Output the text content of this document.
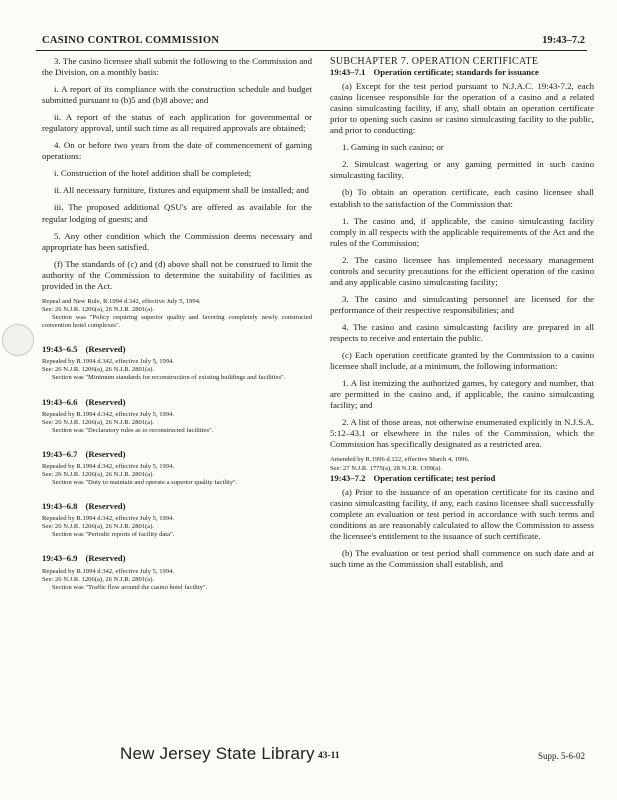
CASINO CONTROL COMMISSION	19:43–7.2

3. The casino licensee shall submit the following to the Commission and the Division, on a monthly basis:

i. A report of its compliance with the construction schedule and budget submitted pursuant to (b)5 and (b)8 above; and

ii. A report of the status of each application for governmental or regulatory approval, until such time as all required approvals are obtained;

4. On or before two years from the date of commencement of gaming operations:

i. Construction of the hotel addition shall be completed;

ii. All necessary furniture, fixtures and equipment shall be installed; and

iii. The proposed additional QSU's are offered as available for the regular lodging of guests; and

5. Any other condition which the Commission deems necessary and appropriate has been satisfied.

(f) The standards of (c) and (d) above shall not be construed to limit the authority of the Commission to determine the suitability of facilities as provided in the Act.

Repeal and New Rule, R.1994 d.342, effective July 5, 1994.

See: 26 N.J.R. 1206(a), 26 N.J.R. 2801(a).

Section was "Policy requiring superior quality and favoring completely newly constructed convention hotel complexes".

19:43–6.5 (Reserved)

Repealed by R.1994 d.342, effective July 5, 1994.

See: 26 N.J.R. 1206(a), 26 N.J.R. 2801(a).

Section was "Minimum standards for reconstruction of existing buildings and facilities".

19:43–6.6 (Reserved)

Repealed by R.1994 d.342, effective July 5, 1994.

See: 26 N.J.R. 1206(a), 26 N.J.R. 2801(a).

Section was "Declaratory rules as to reconstructed facilities".

19:43–6.7 (Reserved)

Repealed by R.1994 d.342, effective July 5, 1994.

See: 26 N.J.R. 1206(a), 26 N.J.R. 2801(a).

Section was "Duty to maintain and operate a superior quality facility".

19:43–6.8 (Reserved)

Repealed by R.1994 d.342, effective July 5, 1994.

See: 26 N.J.R. 1206(a), 26 N.J.R. 2801(a).

Section was "Periodic reports of facility data".

19:43–6.9 (Reserved)

Repealed by R.1994 d.342, effective July 5, 1994.

See: 26 N.J.R. 1206(a), 26 N.J.R. 2801(a).

Section was "Traffic flow around the casino hotel facility".

SUBCHAPTER 7. OPERATION CERTIFICATE

19:43–7.1 Operation certificate; standards for issuance

(a) Except for the test period pursuant to N.J.A.C. 19:43-7.2, each casino licensee responsible for the operation of a casino and a related casino simulcasting facility, if any, shall obtain an operation certificate prior to opening such casino or casino simulcasting facility to the public, and prior to conducting:

1. Gaming in such casino; or

2. Simulcast wagering or any gaming permitted in such casino simulcasting facility.

(b) To obtain an operation certificate, each casino licensee shall establish to the satisfaction of the Commission that:

1. The casino and, if applicable, the casino simulcasting facility comply in all respects with the applicable requirements of the Act and the rules of the Commission;

2. The casino licensee has implemented necessary management controls and security precautions for the efficient operation of the casino and any applicable casino simulcasting facility;

3. The casino and simulcasting personnel are licensed for the performance of their respective responsibilities; and

4. The casino and casino simulcasting facility are prepared in all respects to receive and entertain the public.

(c) Each operation certificate granted by the Commission to a casino licensee shall include, at a minimum, the following information:

1. A list itemizing the authorized games, by category and number, that are permitted in the casino and, if applicable, the casino simulcasting facility; and

2. A list of those areas, not otherwise enumerated explicitly in N.J.S.A. 5:12–43.1 or elsewhere in the rules of the Commission, which the Commission has specifically designated as a restricted area.

Amended by R.1996 d.122, effective March 4, 1996.

See: 27 N.J.R. 1775(a), 28 N.J.R. 1399(a).

19:43–7.2 Operation certificate; test period

(a) Prior to the issuance of an operation certificate for its casino and casino simulcasting facility, if any, each casino licensee shall successfully complete an evaluation or test period in accordance with such terms and conditions as are reasonably calculated to allow the Commission to assess the licensee's entitlement to the issuance of such certificate.

(b) The evaluation or test period shall commence on such date and at such time as the Commission shall establish, and

New Jersey State Library 43-11	Supp. 5-6-02
